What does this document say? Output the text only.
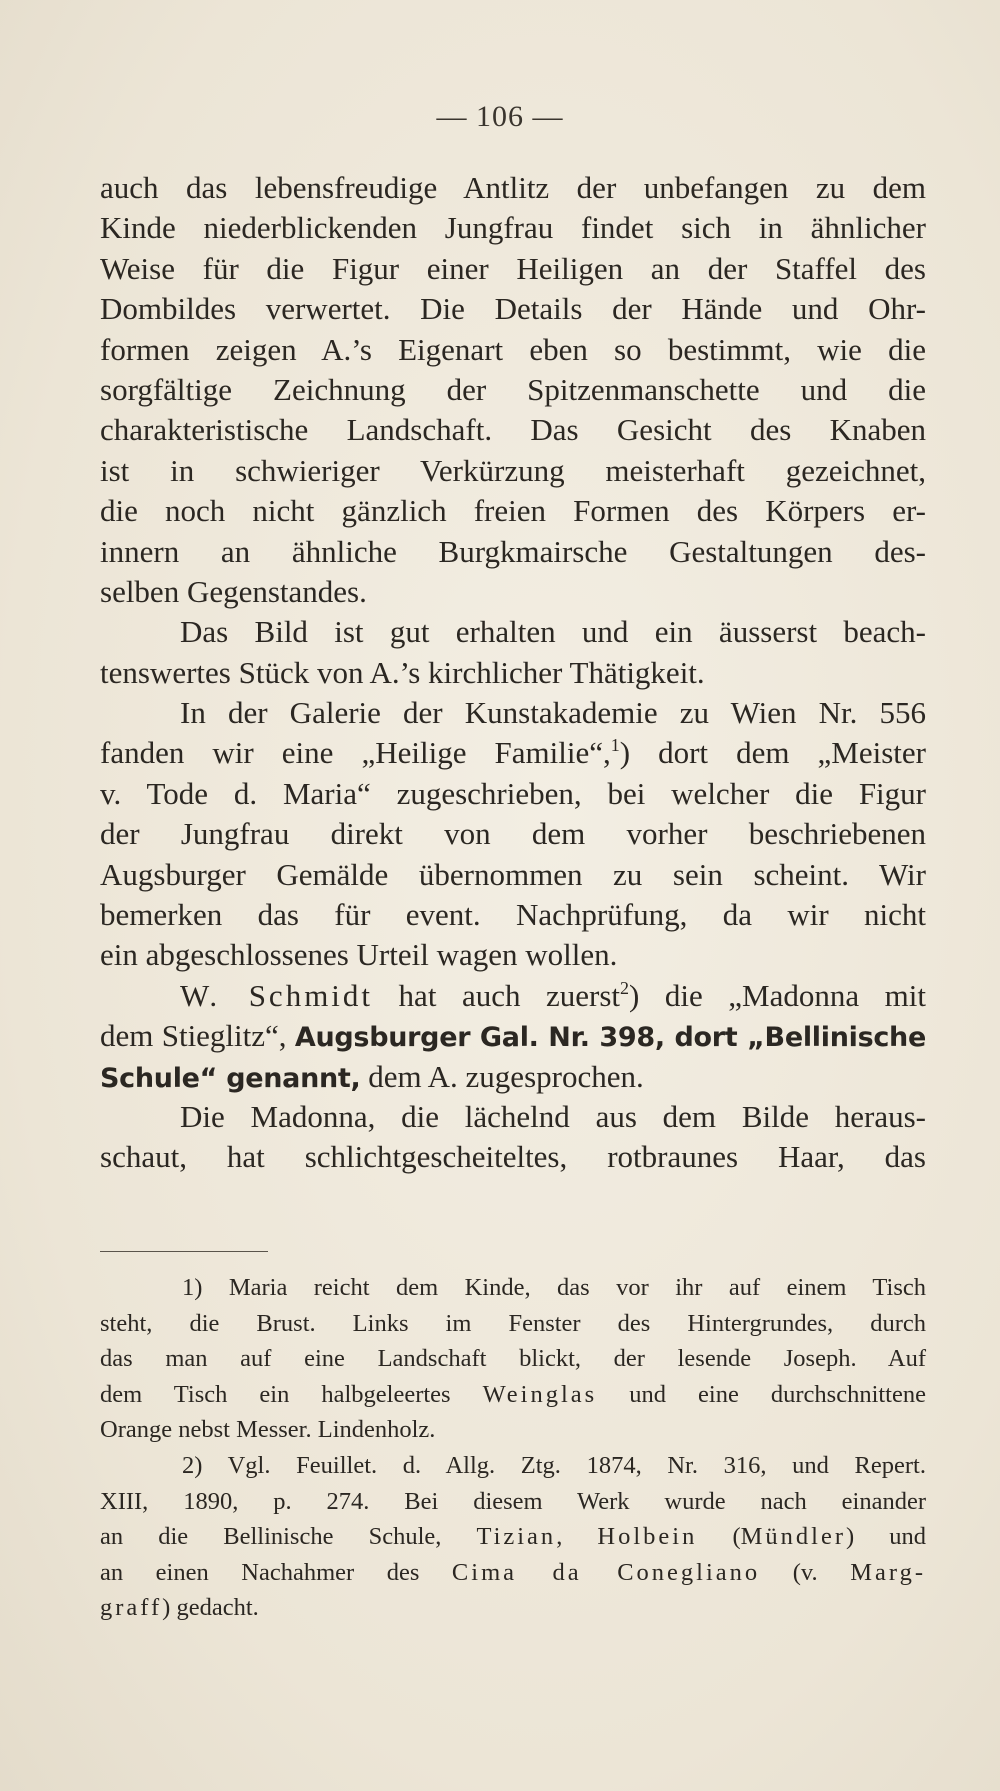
— 106 —
auch das lebensfreudige Antlitz der unbefangen zu dem
Kinde niederblickenden Jungfrau findet sich in ähnlicher
Weise für die Figur einer Heiligen an der Staffel des
Dombildes verwertet. Die Details der Hände und Ohr-
formen zeigen A.’s Eigenart eben so bestimmt, wie die
sorgfältige Zeichnung der Spitzenmanschette und die
charakteristische Landschaft. Das Gesicht des Knaben
ist in schwieriger Verkürzung meisterhaft gezeichnet,
die noch nicht gänzlich freien Formen des Körpers er-
innern an ähnliche Burgkmairsche Gestaltungen des-
selben Gegenstandes.
Das Bild ist gut erhalten und ein äusserst beach-
tenswertes Stück von A.’s kirchlicher Thätigkeit.
In der Galerie der Kunstakademie zu Wien Nr. 556
fanden wir eine „Heilige Familie“,$^1$) dort dem „Meister
v. Tode d. Maria“ zugeschrieben, bei welcher die Figur
der Jungfrau direkt von dem vorher beschriebenen
Augsburger Gemälde übernommen zu sein scheint. Wir
bemerken das für event. Nachprüfung, da wir nicht
ein abgeschlossenes Urteil wagen wollen.
W. Schmidt hat auch zuerst$^2$) die „Madonna mit
dem Stieglitz“, Augsburger Gal. Nr. 398, dort „Bellinische
Schule“ genannt, dem A. zugesprochen.
Die Madonna, die lächelnd aus dem Bilde heraus-
schaut, hat schlichtgescheiteltes, rotbraunes Haar, das
1) Maria reicht dem Kinde, das vor ihr auf einem Tisch
steht, die Brust. Links im Fenster des Hintergrundes, durch
das man auf eine Landschaft blickt, der lesende Joseph. Auf
dem Tisch ein halbgeleertes Weinglas und eine durchschnittene
Orange nebst Messer. Lindenholz.
2) Vgl. Feuillet. d. Allg. Ztg. 1874, Nr. 316, und Repert.
XIII, 1890, p. 274. Bei diesem Werk wurde nach einander
an die Bellinische Schule, Tizian, Holbein (Mündler) und
an einen Nachahmer des Cima da Conegliano (v. Marg-
graff) gedacht.
